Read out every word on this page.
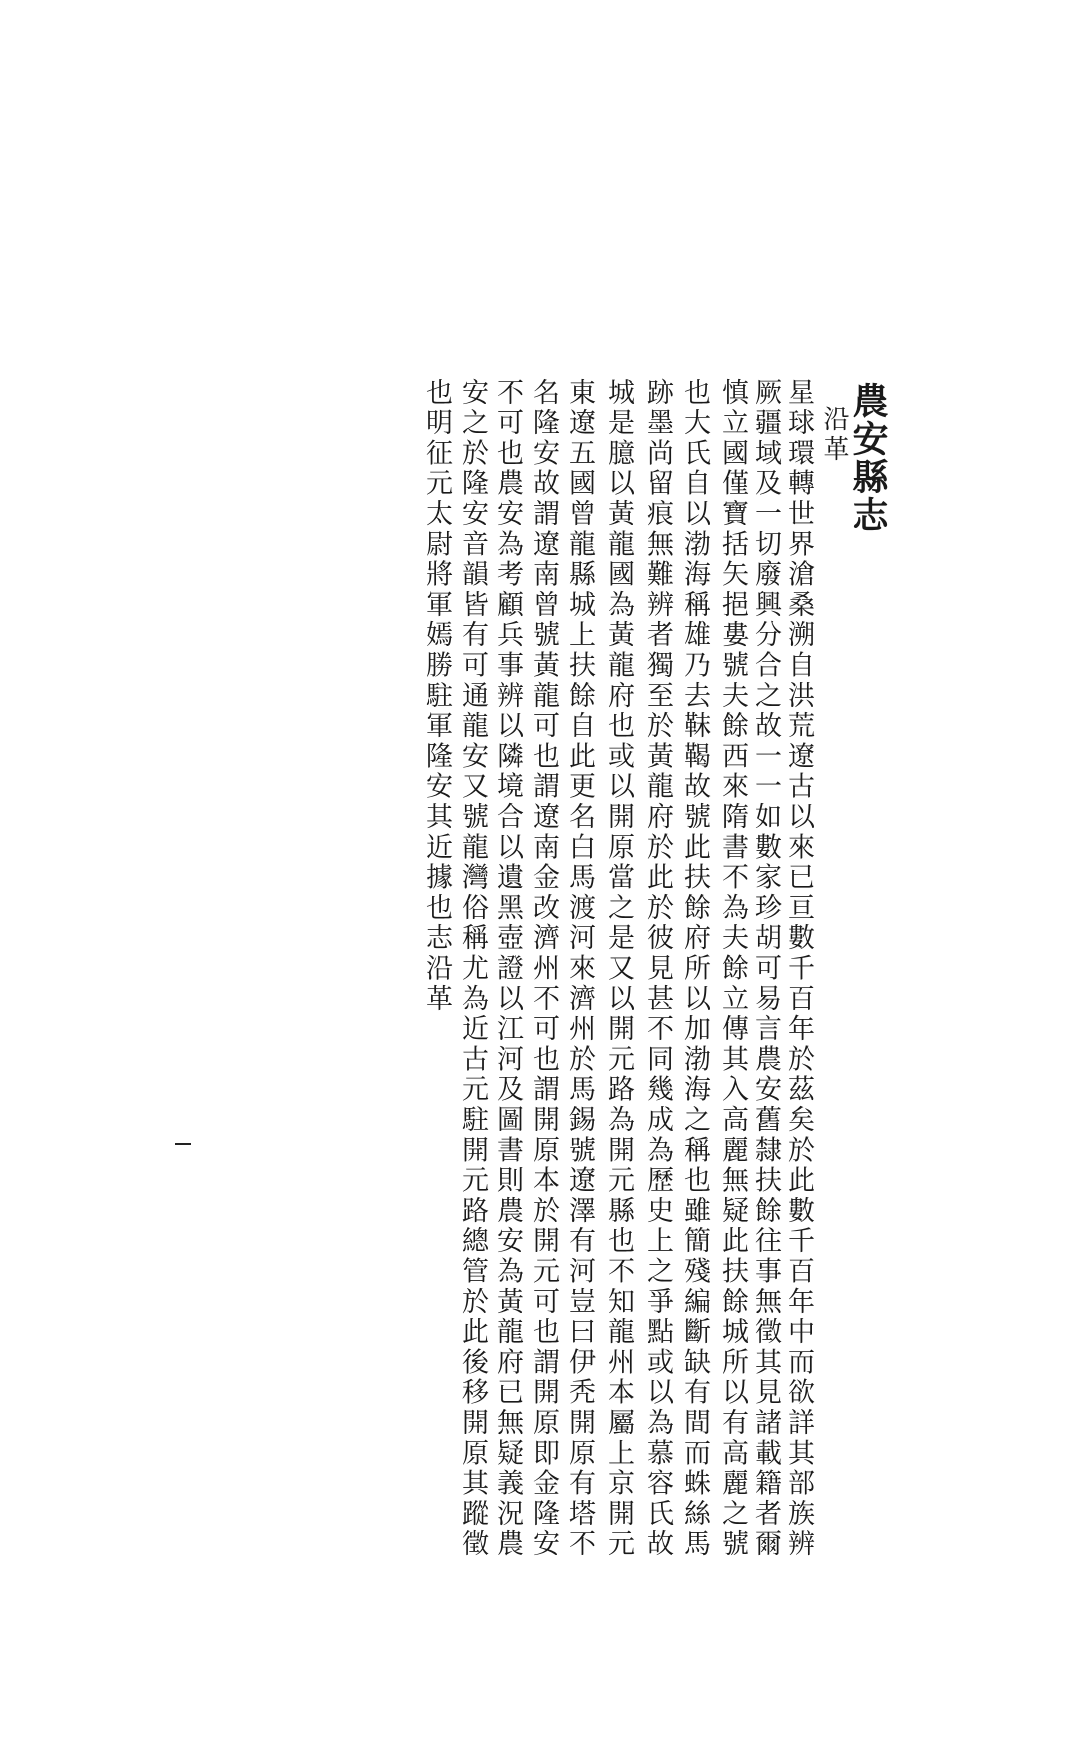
農安縣志
沿革
星球環轉世界滄桑溯自洪荒遼古以來已亘數千百年於茲矣於此數千百年中而欲詳其部族辨
厥疆域及一切廢興分合之故一一如數家珍胡可易言農安舊隸扶餘往事無徵其見諸載籍者爾
慎立國僅寶括矢挹婁號夫餘西來隋書不為夫餘立傳其入高麗無疑此扶餘城所以有高麗之號
也大氏自以渤海稱雄乃去靺鞨故號此扶餘府所以加渤海之稱也雖簡殘編斷缺有間而蛛絲馬
跡墨尚留痕無難辨者獨至於黃龍府於此於彼見甚不同幾成為歷史上之爭點或以為慕容氏故
城是臆以黃龍國為黃龍府也或以開原當之是又以開元路為開元縣也不知龍州本屬上京開元
東遼五國曾龍縣城上扶餘自此更名白馬渡河來濟州於馬錫號遼澤有河豈曰伊秃開原有塔不
名隆安故謂遼南曾號黃龍可也謂遼南金改濟州不可也謂開原本於開元可也謂開原即金隆安
不可也農安為考顧兵事辨以隣境合以遺黑壺證以江河及圖書則農安為黃龍府已無疑義況農
安之於隆安音韻皆有可通龍安又號龍灣俗稱尤為近古元駐開元路總管於此後移開原其蹤徵
也明征元太尉將軍嫣勝駐軍隆安其近據也志沿革
